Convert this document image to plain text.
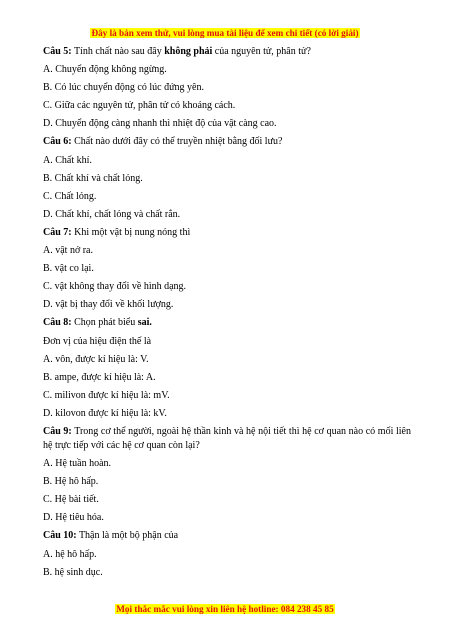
Đây là bản xem thử, vui lòng mua tài liệu để xem chi tiết (có lời giải)

Câu 5: Tính chất nào sau đây không phải của nguyên tử, phân tử?

A. Chuyển động không ngừng.

B. Có lúc chuyển động có lúc đứng yên.

C. Giữa các nguyên tử, phân tử có khoảng cách.

D. Chuyển động càng nhanh thì nhiệt độ của vật càng cao.

Câu 6: Chất nào dưới đây có thể truyền nhiệt bằng đối lưu?

A. Chất khí.

B. Chất khí và chất lỏng.

C. Chất lỏng.

D. Chất khí, chất lỏng và chất rắn.

Câu 7: Khi một vật bị nung nóng thì

A. vật nở ra.

B. vật co lại.

C. vật không thay đổi về hình dạng.

D. vật bị thay đổi về khối lượng.

Câu 8: Chọn phát biểu sai.

Đơn vị của hiệu điện thế là

A. vôn, được kí hiệu là: V.

B. ampe, được kí hiệu là: A.

C. milivon được kí hiệu là: mV.

D. kilovon được kí hiệu là: kV.

Câu 9: Trong cơ thể người, ngoài hệ thần kinh và hệ nội tiết thì hệ cơ quan nào có mối liên hệ trực tiếp với các hệ cơ quan còn lại?

A. Hệ tuần hoàn.

B. Hệ hô hấp.

C. Hệ bài tiết.

D. Hệ tiêu hóa.

Câu 10: Thận là một bộ phận của

A. hệ hô hấp.

B. hệ sinh dục.

Mọi thắc mắc vui lòng xin liên hệ hotline: 084 238 45 85
